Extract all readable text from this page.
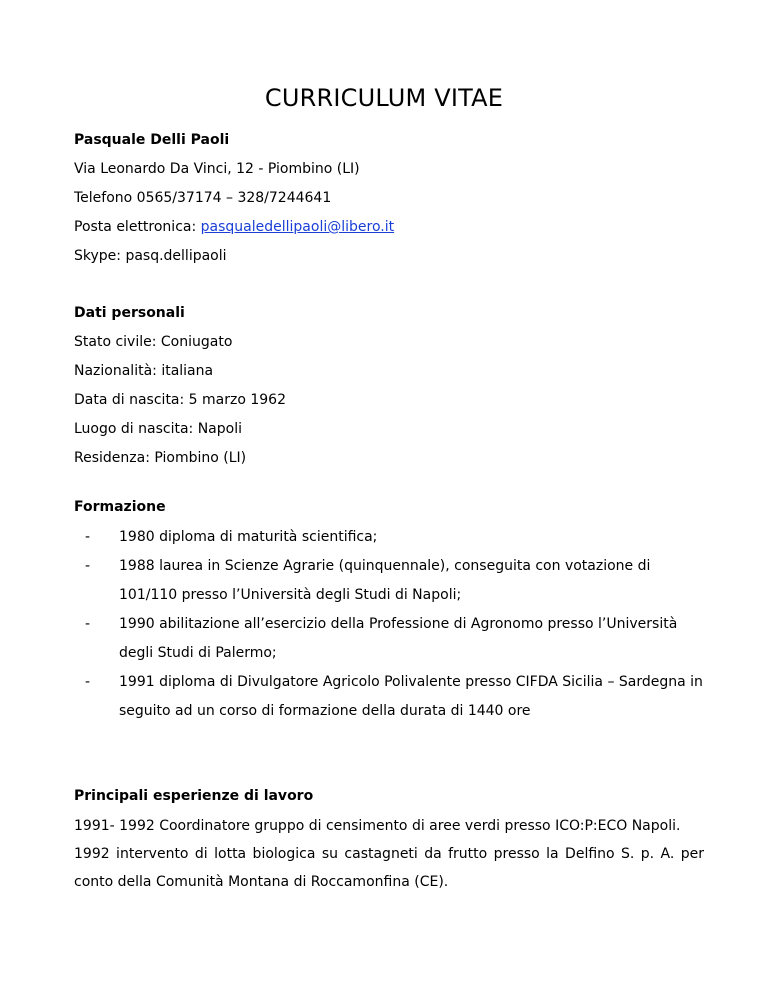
CURRICULUM VITAE
Pasquale Delli Paoli
Via Leonardo Da Vinci, 12 - Piombino (LI)
Telefono 0565/37174 – 328/7244641
Posta elettronica: pasqualedellipaoli@libero.it
Skype: pasq.dellipaoli
Dati personali
Stato civile: Coniugato
Nazionalità: italiana
Data di nascita: 5 marzo 1962
Luogo di nascita: Napoli
Residenza: Piombino (LI)
Formazione
- 1980 diploma di maturità scientifica;
- 1988 laurea in Scienze Agrarie (quinquennale), conseguita con votazione di 101/110 presso l’Università degli Studi di Napoli;
- 1990 abilitazione all’esercizio della Professione di Agronomo presso l’Università degli Studi di Palermo;
- 1991 diploma di Divulgatore Agricolo Polivalente presso CIFDA Sicilia – Sardegna in seguito ad un corso di formazione della durata di 1440 ore
Principali esperienze di lavoro
1991- 1992 Coordinatore gruppo di censimento di aree verdi presso ICO:P:ECO Napoli.
1992 intervento di lotta biologica su castagneti da frutto presso la Delfino S. p. A. per conto della Comunità Montana di Roccamonfina (CE).
